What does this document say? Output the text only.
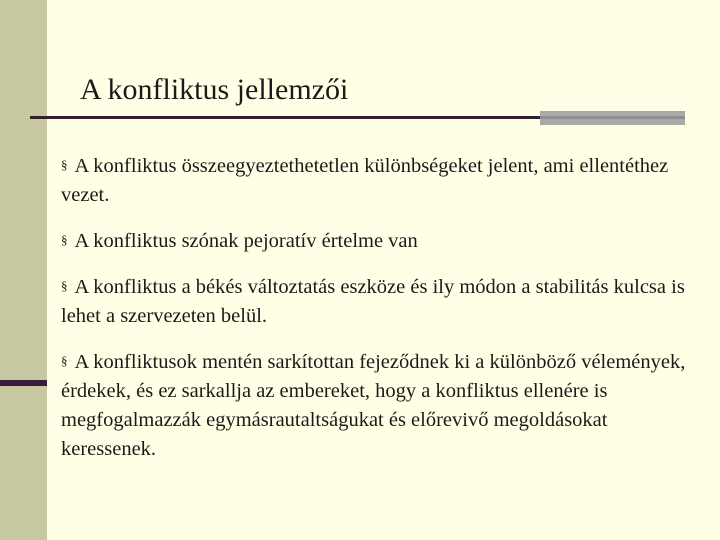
A konfliktus jellemzői
§ A konfliktus összeegyeztethetetlen különbségeket jelent, ami ellentéthez vezet.
§ A konfliktus szónak pejoratív értelme van
§ A konfliktus a békés változtatás eszköze és ily módon a stabilitás kulcsa is lehet a szervezeten belül.
§ A konfliktusok mentén sarkítottan fejeződnek ki a különböző vélemények, érdekek, és ez sarkallja az embereket, hogy a konfliktus ellenére is megfogalmazzák egymásrautaltságukat és előrevivő megoldásokat keressenek.
